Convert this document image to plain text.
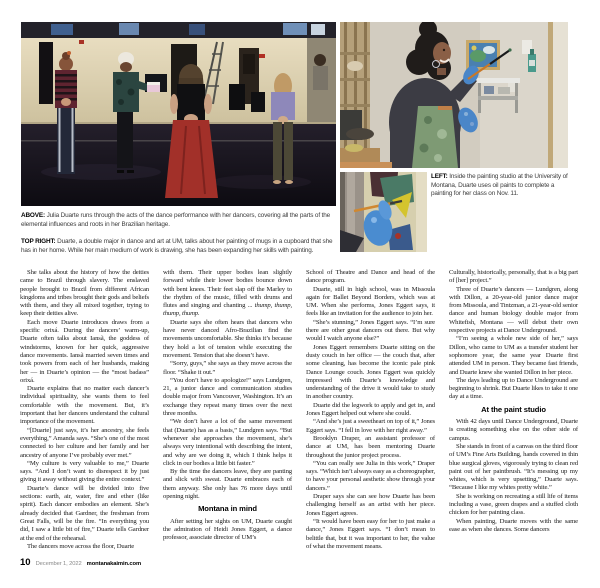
LEFT: Inside the painting studio at the University of Montana, Duarte uses oil paints to complete a painting for her class on Nov. 11.
ABOVE: Julia Duarte runs through the acts of the dance performance with her dancers, covering all the parts of the elemental influences and roots in her Brazilian heritage.
TOP RIGHT: Duarte, a double major in dance and art at UM, talks about her painting of mugs in a cupboard that she has in her home. While her main medium of work is drawing, she has been expanding her skills with painting.

She talks about the history of how the deities came to Brazil through slavery. The enslaved people brought to Brazil from different African kingdoms and tribes brought their gods and beliefs with them, and they all mixed together, trying to keep their deities alive.

Each move Duarte introduces draws from a specific orixá. During the dancers’ warm-up, Duarte often talks about Iansã, the goddess of windstorms, known for her quick, aggressive dance movements. Iansã married seven times and took powers from each of her husbands, making her — in Duarte’s opinion — the “most badass” orixá.

Duarte explains that no matter each dancer’s individual spirituality, she wants them to feel comfortable with the movement. But, it’s important that her dancers understand the cultural importance of the movement.

“[Duarte] just says, it’s her ancestry, she feels everything,” Amanda says. “She’s one of the most connected to her culture and her family and her ancestry of anyone I’ve probably ever met.”

“My culture is very valuable to me,” Duarte says. “And I don’t want to disrespect it by just giving it away without giving the entire context.”

Duarte’s dance will be divided into five sections: earth, air, water, fire and ether (like spirit). Each dancer embodies an element. She’s already decided that Gardner, the freshman from Great Falls, will be the fire. “In everything you did, I saw a little bit of fire,” Duarte tells Gardner at the end of the rehearsal.

The dancers move across the floor, Duarte

with them. Their upper bodies lean slightly forward while their lower bodies bounce down with bent knees. Their feet slap off the Marley to the rhythm of the music, filled with drums and flutes and singing and chanting ... thump, thump, thump, thump.

Duarte says she often hears that dancers who have never danced Afro-Brazilian find the movements uncomfortable. She thinks it’s because they hold a lot of tension while executing the movement. Tension that she doesn’t have.

“Sorry, guys,” she says as they move across the floor. “Shake it out.”

“You don’t have to apologize!” says Lundgren, 21, a junior dance and communication studies double major from Vancouver, Washington. It’s an exchange they repeat many times over the next three months.

“We don’t have a lot of the same movement that (Duarte) has as a basis,” Lundgren says. “But whenever she approaches the movement, she’s always very intentional with describing the intent, and why are we doing it, which I think helps it click in our bodies a little bit faster.”

By the time the dancers leave, they are panting and slick with sweat. Duarte embraces each of them anyway. She only has 76 more days until opening night.

Montana in mind

After setting her sights on UM, Duarte caught the admiration of Heidi Jones Eggert, a dance professor, associate director of UM’s

School of Theatre and Dance and head of the dance program.

Duarte, still in high school, was in Missoula again for Ballet Beyond Borders, which was at UM. When she performs, Jones Eggert says, it feels like an invitation for the audience to join her.

“She’s stunning,” Jones Eggert says. “I’m sure there are other great dancers out there. But why would I watch anyone else?”

Jones Eggert remembers Duarte sitting on the dusty couch in her office — the couch that, after some cleaning, has become the iconic pale pink Dance Lounge couch. Jones Eggert was quickly impressed with Duarte’s knowledge and understanding of the drive it would take to study in another country.

Duarte did the legwork to apply and get in, and Jones Eggert helped out where she could.

“And she’s just a sweetheart on top of it,” Jones Eggert says. “I fell in love with her right away.”

Brooklyn Draper, an assistant professor of dance at UM, has been mentoring Duarte throughout the junior project process.

“You can really see Julia in this work,” Draper says. “Which isn’t always easy as a choreographer, to have your personal aesthetic show through your dancers.”

Draper says she can see how Duarte has been challenging herself as an artist with her piece. Jones Eggert agrees.

“It would have been easy for her to just make a dance,” Jones Eggert says. “I don’t mean to belittle that, but it was important to her, the value of what the movement means.

Culturally, historically, personally, that is a big part of [her] project.”

Three of Duarte’s dancers — Lundgren, along with Dillon, a 20-year-old junior dance major from Missoula, and Tintzman, a 21-year-old senior dance and human biology double major from Whitefish, Montana — will debut their own respective projects at Dance Underground.

“I’m seeing a whole new side of her,” says Dillon, who came to UM as a transfer student her sophomore year, the same year Duarte first attended UM in person. They became fast friends, and Duarte knew she wanted Dillon in her piece.

The days leading up to Dance Underground are beginning to shrink. But Duarte likes to take it one day at a time.

At the paint studio

With 42 days until Dance Underground, Duarte is creating something else on the other side of campus.

She stands in front of a canvas on the third floor of UM’s Fine Arts Building, hands covered in thin blue surgical gloves, vigorously trying to clean red paint out of her paintbrush. “It’s messing up my whites, which is very upsetting,” Duarte says. “Because I like my whites pretty white.”

She is working on recreating a still life of items including a vase, green drapes and a stuffed cloth chicken for her painting class.

When painting, Duarte moves with the same ease as when she dances. Some dancers

10 December 1, 2022 montanakaimin.com
